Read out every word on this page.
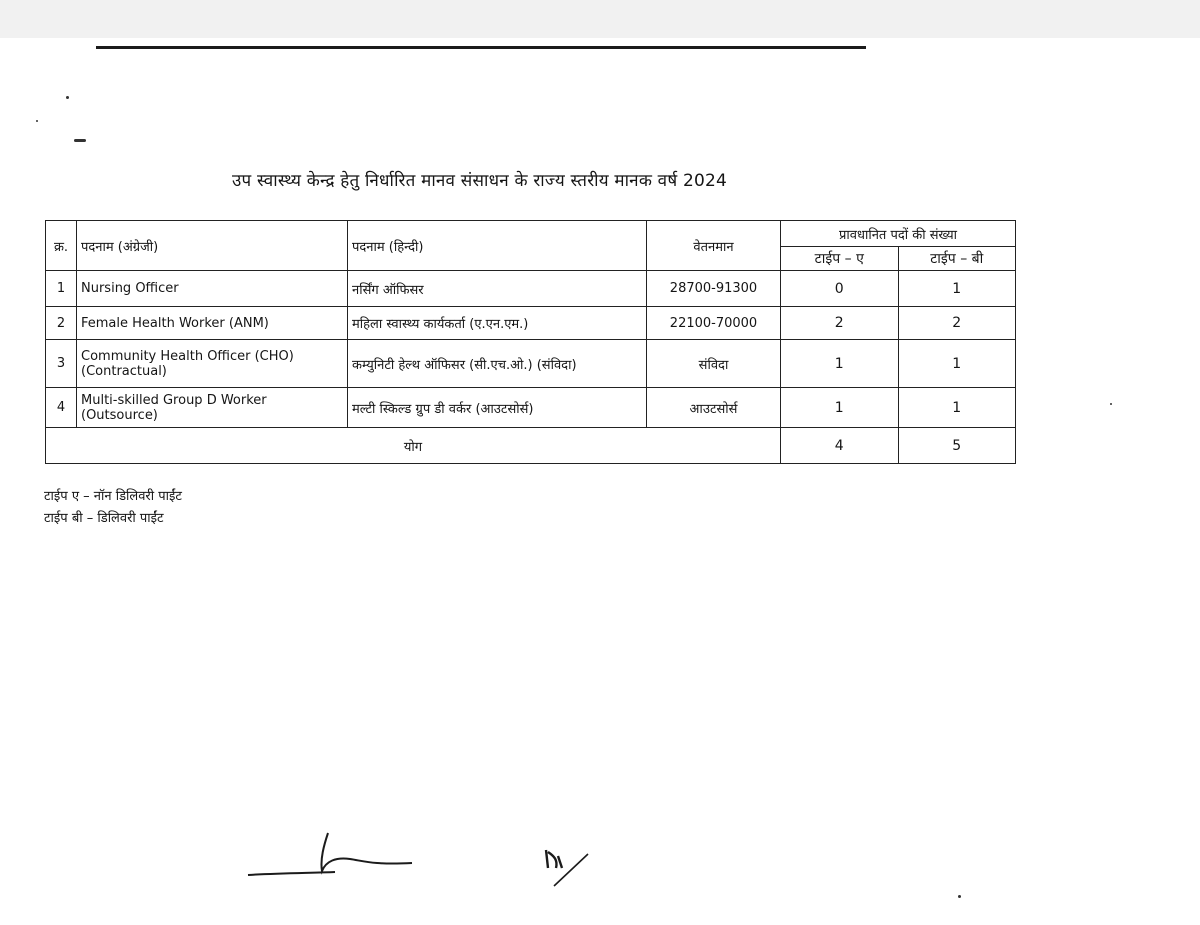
उप स्वास्थ्य केन्द्र हेतु निर्धारित मानव संसाधन के राज्य स्तरीय मानक वर्ष 2024
क्र.	पदनाम (अंग्रेजी)	पदनाम (हिन्दी)	वेतनमान	प्रावधानित पदों की संख्या	
				टाईप – ए	टाईप – बी
1	Nursing Officer	नर्सिंग ऑफिसर	28700-91300	0	1
2	Female Health Worker (ANM)	महिला स्वास्थ्य कार्यकर्ता (ए.एन.एम.)	22100-70000	2	2
3	Community Health Officer (CHO) (Contractual)	कम्युनिटी हेल्थ ऑफिसर (सी.एच.ओ.) (संविदा)	संविदा	1	1
4	Multi-skilled Group D Worker (Outsource)	मल्टी स्किल्ड ग्रुप डी वर्कर (आउटसोर्स)	आउटसोर्स	1	1
योग				4	5
टाईप ए – नॉन डिलिवरी पाईंट
टाईप बी – डिलिवरी पाईंट
